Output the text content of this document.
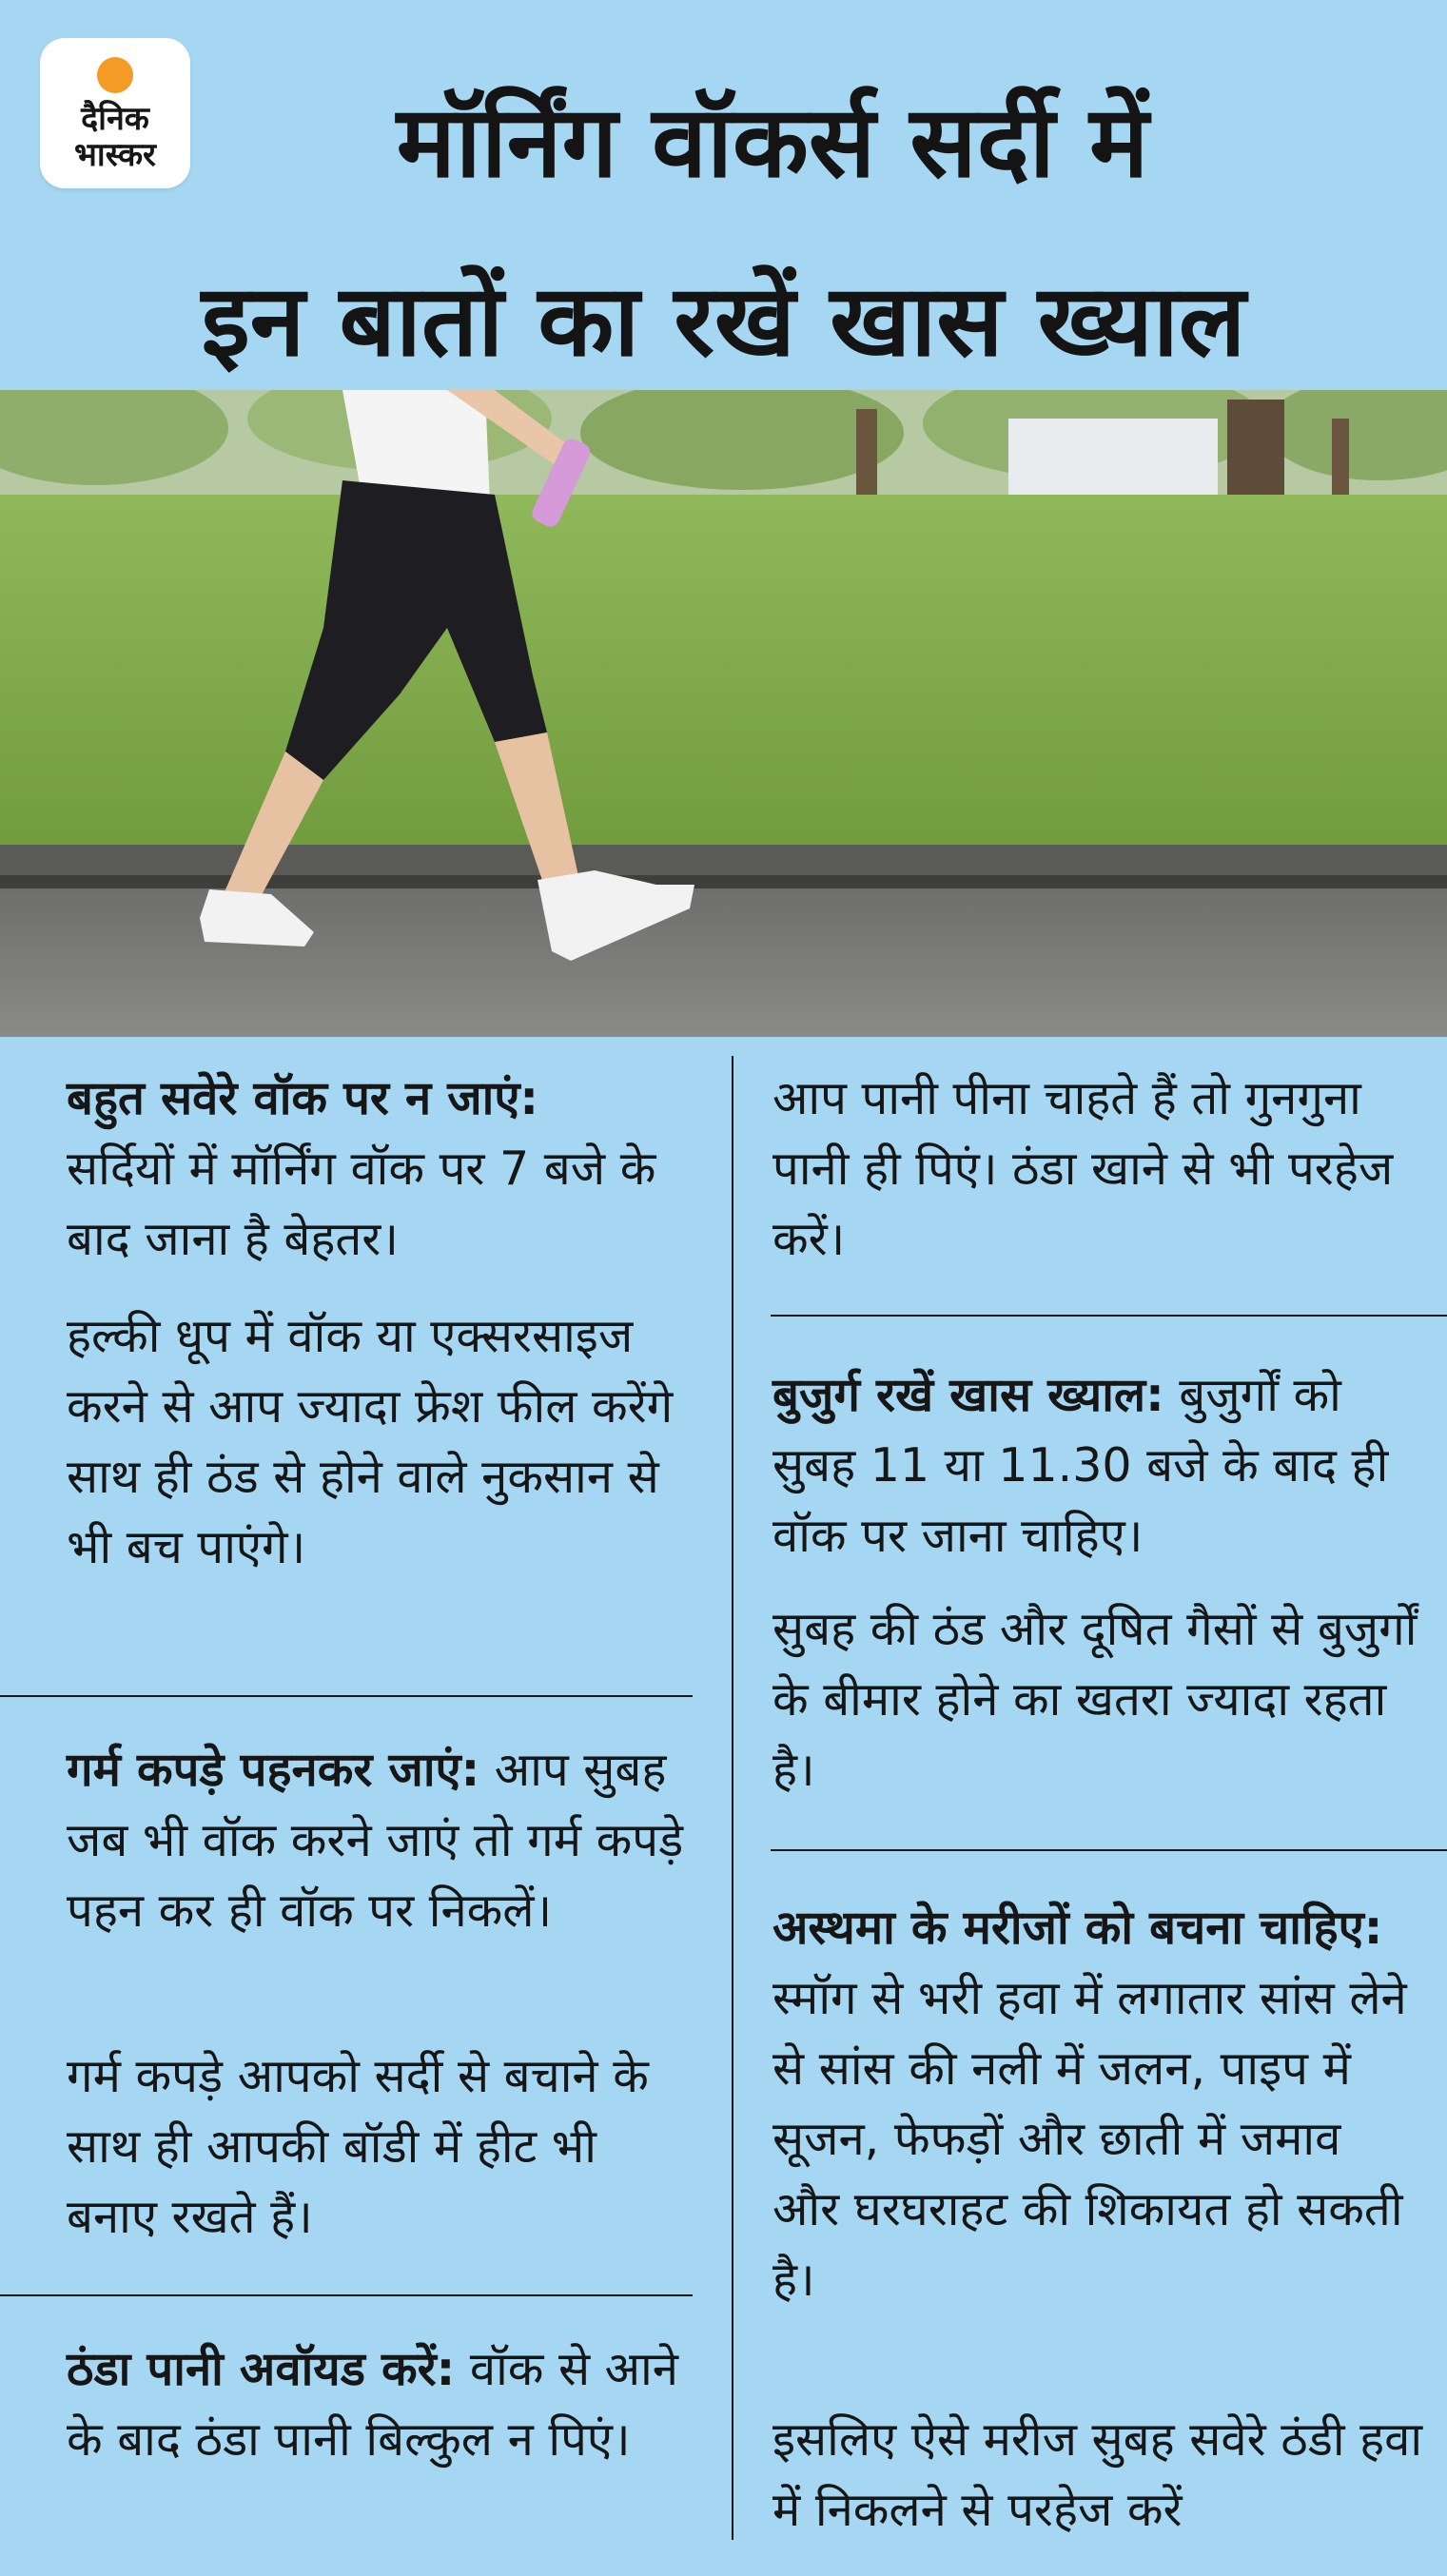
दैनिक
भास्कर	मॉर्निंग वॉकर्स सर्दी में
इन बातों का रखें खास ख्याल

बहुत सवेरे वॉक पर न जाएं:
सर्दियों में मॉर्निंग वॉक पर 7 बजे के बाद जाना है बेहतर।

हल्की धूप में वॉक या एक्सरसाइज करने से आप ज्यादा फ्रेश फील करेंगे साथ ही ठंड से होने वाले नुकसान से भी बच पाएंगे।

गर्म कपड़े पहनकर जाएं: आप सुबह जब भी वॉक करने जाएं तो गर्म कपड़े पहन कर ही वॉक पर निकलें।

गर्म कपड़े आपको सर्दी से बचाने के साथ ही आपकी बॉडी में हीट भी बनाए रखते हैं।

ठंडा पानी अवॉयड करें: वॉक से आने के बाद ठंडा पानी बिल्कुल न पिएं।

आप पानी पीना चाहते हैं तो गुनगुना पानी ही पिएं। ठंडा खाने से भी परहेज करें।

बुजुर्ग रखें खास ख्याल: बुजुर्गों को सुबह 11 या 11.30 बजे के बाद ही वॉक पर जाना चाहिए।

सुबह की ठंड और दूषित गैसों से बुजुर्गों के बीमार होने का खतरा ज्यादा रहता है।

अस्थमा के मरीजों को बचना चाहिए: स्मॉग से भरी हवा में लगातार सांस लेने से सांस की नली में जलन, पाइप में सूजन, फेफड़ों और छाती में जमाव और घरघराहट की शिकायत हो सकती है।

इसलिए ऐसे मरीज सुबह सवेरे ठंडी हवा में निकलने से परहेज करें
